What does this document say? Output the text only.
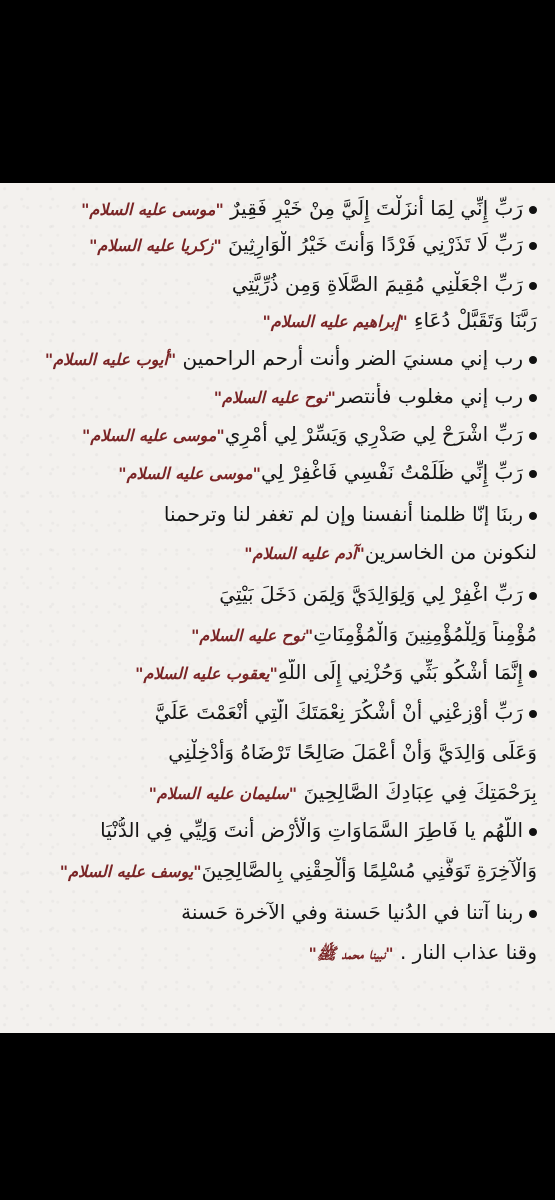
رَبِّ إِنِّي لِمَا أَنزَلْتَ إِلَيَّ مِنْ خَيْرٍ فَقِيرٌ "موسى عليه السلام"
رَبِّ لَا تَذَرْنِي فَرْدًا وَأَنتَ خَيْرُ الْوَارِثِينَ "زكريا عليه السلام"
رَبِّ اجْعَلْنِي مُقِيمَ الصَّلَاةِ وَمِن ذُرِّيَّتِي
رَبَّنَا وَتَقَبَّلْ دُعَاءِ "إبراهيم عليه السلام"
رب إني مسنيَ الضر وأنت أرحم الراحمين "أيوب عليه السلام"
رب إني مغلوب فأنتصر"نوح عليه السلام"
رَبِّ اشْرَحْ لِي صَدْرِي وَيَسِّرْ لِي أَمْرِي"موسى عليه السلام"
رَبِّ إِنِّي ظَلَمْتُ نَفْسِي فَاغْفِرْ لِي"موسى عليه السلام"
ربنَا إنّا ظلمنا أنفسنا وإن لم تغفر لنا وترحمنا
لنكونن من الخاسرين"آدم عليه السلام"
رَبِّ اغْفِرْ لِي وَلِوَالِدَيَّ وَلِمَن دَخَلَ بَيْتِيَ
مُؤْمِناً وَلِلْمُؤْمِنِينَ وَالْمُؤْمِنَاتِ"نوح عليه السلام"
إِنَّمَا أَشْكُو بَثِّي وَحُزْنِي إِلَى اللَّهِ"يعقوب عليه السلام"
رَبِّ أَوْزِعْنِي أَنْ أَشْكُرَ نِعْمَتَكَ الَّتِي أَنْعَمْتَ عَلَيَّ
وَعَلَى وَالِدَيَّ وَأَنْ أَعْمَلَ صَالِحًا تَرْضَاهُ وَأَدْخِلْنِي
بِرَحْمَتِكَ فِي عِبَادِكَ الصَّالِحِينَ "سليمان عليه السلام"
اللَّهُم يا فَاطِرَ السَّمَاوَاتِ وَالْأَرْضِ أَنتَ وَلِيِّي فِي الدُّنْيَا
وَالْآخِرَةِ تَوَفَّنِي مُسْلِمًا وَأَلْحِقْنِي بِالصَّالِحِينَ"يوسف عليه السلام"
ربنا آتنا في الدُنيا حَسنة وفي الآخرة حَسنة
وقنا عذاب النار . "نبينا محمد ﷺ"
